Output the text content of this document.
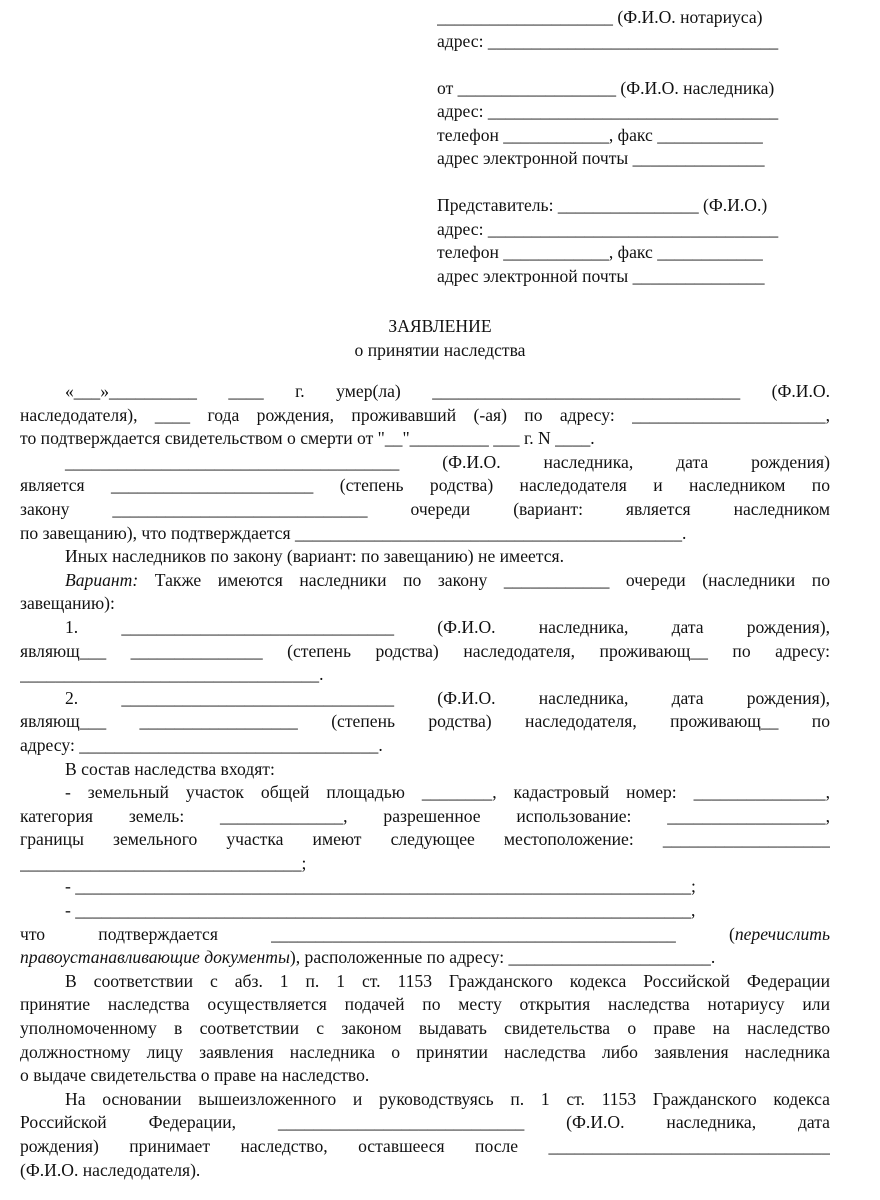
____________________ (Ф.И.О. нотариуса)
адрес: _________________________________
от __________________ (Ф.И.О. наследника)
адрес: _________________________________
телефон ____________, факс ____________
адрес электронной почты _______________
Представитель: ________________ (Ф.И.О.)
адрес: _________________________________
телефон ____________, факс ____________
адрес электронной почты _______________
ЗАЯВЛЕНИЕ
о принятии наследства
«___»__________ ____ г. умер(ла) ___________________________________ (Ф.И.О.
наследодателя), ____ года рождения, проживавший (-ая) по адресу: ______________________,
то подтверждается свидетельством о смерти от "__"_________ ___ г. N ____.
______________________________________ (Ф.И.О. наследника, дата рождения)
является _______________________ (степень родства) наследодателя и наследником по
закону _____________________________ очереди (вариант: является наследником
по завещанию), что подтверждается ____________________________________________.
Иных наследников по закону (вариант: по завещанию) не имеется.
Вариант: Также имеются наследники по закону ____________ очереди (наследники по
завещанию):
1. _______________________________ (Ф.И.О. наследника, дата рождения),
являющ___ _______________ (степень родства) наследодателя, проживающ__ по адресу:
__________________________________.
2. _______________________________ (Ф.И.О. наследника, дата рождения),
являющ___ __________________ (степень родства) наследодателя, проживающ__ по
адресу: __________________________________.
В состав наследства входят:
- земельный участок общей площадью ________, кадастровый номер: _______________,
категория земель: ______________, разрешенное использование: __________________,
границы земельного участка имеют следующее местоположение: ___________________
________________________________;
- ______________________________________________________________________;
- ______________________________________________________________________,
что подтверждается ______________________________________________ (перечислить
правоустанавливающие документы), расположенные по адресу: _______________________.
В соответствии с абз. 1 п. 1 ст. 1153 Гражданского кодекса Российской Федерации
принятие наследства осуществляется подачей по месту открытия наследства нотариусу или
уполномоченному в соответствии с законом выдавать свидетельства о праве на наследство
должностному лицу заявления наследника о принятии наследства либо заявления наследника
о выдаче свидетельства о праве на наследство.
На основании вышеизложенного и руководствуясь п. 1 ст. 1153 Гражданского кодекса
Российской Федерации, ____________________________ (Ф.И.О. наследника, дата
рождения) принимает наследство, оставшееся после ________________________________
(Ф.И.О. наследодателя).
